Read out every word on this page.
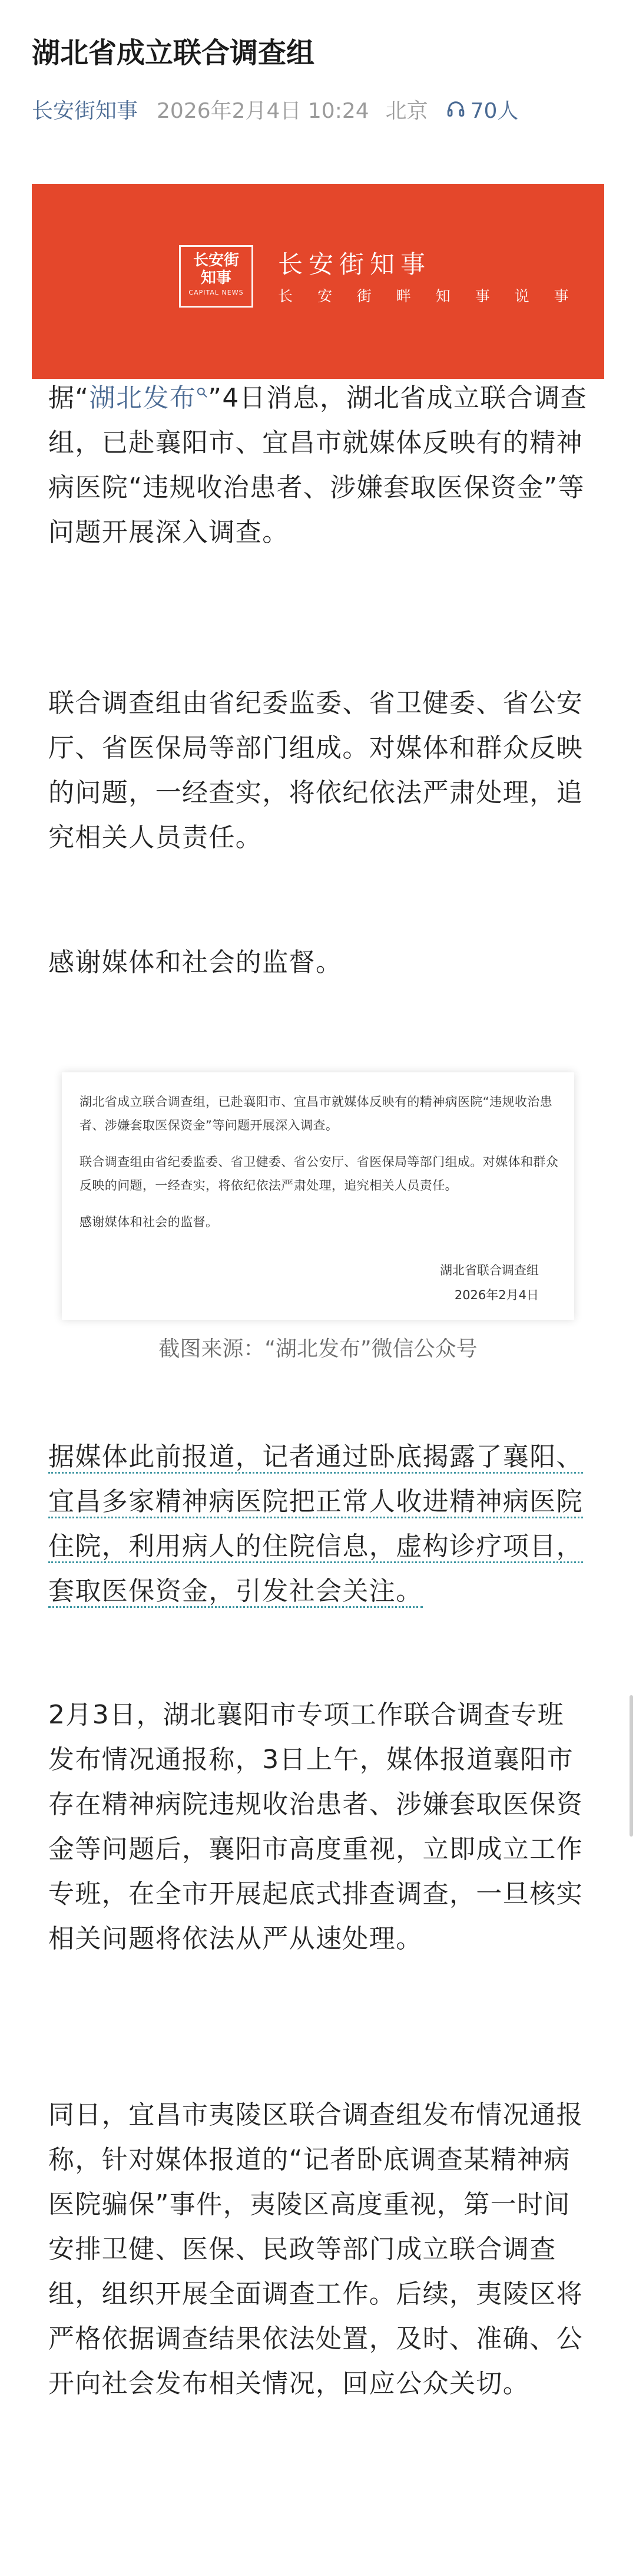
湖北省成立联合调查组
长安街知事 2026年2月4日 10:24 北京 70人
长安街
知事
CAPITAL NEWS
长安街知事
长 安 街 畔 知 事 说 事

据“湖北发布 ”4日消息，湖北省成立联合调查组，已赴襄阳市、宜昌市就媒体反映有的精神病医院“违规收治患者、涉嫌套取医保资金”等问题开展深入调查。

联合调查组由省纪委监委、省卫健委、省公安厅、省医保局等部门组成。对媒体和群众反映的问题，一经查实，将依纪依法严肃处理，追究相关人员责任。

感谢媒体和社会的监督。

湖北省成立联合调查组，已赴襄阳市、宜昌市就媒体反映有的精神病医院“违规收治患者、涉嫌套取医保资金”等问题开展深入调查。

联合调查组由省纪委监委、省卫健委、省公安厅、省医保局等部门组成。对媒体和群众反映的问题，一经查实，将依纪依法严肃处理，追究相关人员责任。

感谢媒体和社会的监督。

湖北省联合调查组
2026年2月4日
截图来源：“湖北发布”微信公众号

据媒体此前报道，记者通过卧底揭露了襄阳、宜昌多家精神病医院把正常人收进精神病医院住院，利用病人的住院信息，虚构诊疗项目，套取医保资金，引发社会关注。

2月3日，湖北襄阳市专项工作联合调查专班发布情况通报称，3日上午，媒体报道襄阳市存在精神病院违规收治患者、涉嫌套取医保资金等问题后，襄阳市高度重视，立即成立工作专班，在全市开展起底式排查调查，一旦核实相关问题将依法从严从速处理。

同日，宜昌市夷陵区联合调查组发布情况通报称，针对媒体报道的“记者卧底调查某精神病医院骗保”事件，夷陵区高度重视，第一时间安排卫健、医保、民政等部门成立联合调查组，组织开展全面调查工作。后续，夷陵区将严格依据调查结果依法处置，及时、准确、公开向社会发布相关情况，回应公众关切。
